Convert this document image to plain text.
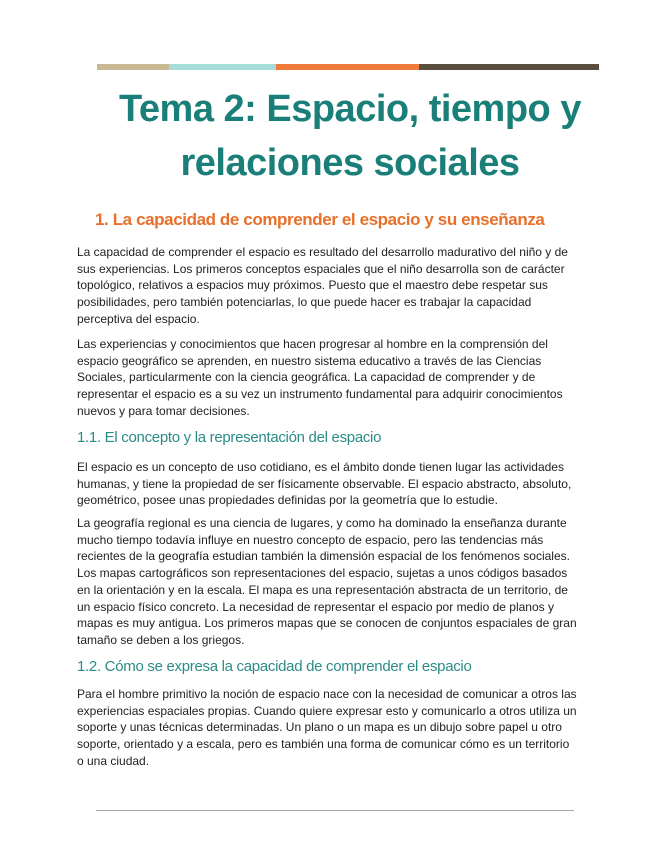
Tema 2: Espacio, tiempo y
relaciones sociales
1. La capacidad de comprender el espacio y su enseñanza

La capacidad de comprender el espacio es resultado del desarrollo madurativo del niño y de sus experiencias. Los primeros conceptos espaciales que el niño desarrolla son de carácter topológico, relativos a espacios muy próximos. Puesto que el maestro debe respetar sus posibilidades, pero también potenciarlas, lo que puede hacer es trabajar la capacidad perceptiva del espacio.

Las experiencias y conocimientos que hacen progresar al hombre en la comprensión del espacio geográfico se aprenden, en nuestro sistema educativo a través de las Ciencias Sociales, particularmente con la ciencia geográfica. La capacidad de comprender y de representar el espacio es a su vez un instrumento fundamental para adquirir conocimientos nuevos y para tomar decisiones.

1.1. El concepto y la representación del espacio

El espacio es un concepto de uso cotidiano, es el ámbito donde tienen lugar las actividades humanas, y tiene la propiedad de ser físicamente observable. El espacio abstracto, absoluto, geométrico, posee unas propiedades definidas por la geometría que lo estudie.

La geografía regional es una ciencia de lugares, y como ha dominado la enseñanza durante mucho tiempo todavía influye en nuestro concepto de espacio, pero las tendencias más recientes de la geografía estudian también la dimensión espacial de los fenómenos sociales. Los mapas cartográficos son representaciones del espacio, sujetas a unos códigos basados en la orientación y en la escala. El mapa es una representación abstracta de un territorio, de un espacio físico concreto. La necesidad de representar el espacio por medio de planos y mapas es muy antigua. Los primeros mapas que se conocen de conjuntos espaciales de gran tamaño se deben a los griegos.

1.2. Cómo se expresa la capacidad de comprender el espacio

Para el hombre primitivo la noción de espacio nace con la necesidad de comunicar a otros las experiencias espaciales propias. Cuando quiere expresar esto y comunicarlo a otros utiliza un soporte y unas técnicas determinadas. Un plano o un mapa es un dibujo sobre papel u otro soporte, orientado y a escala, pero es también una forma de comunicar cómo es un territorio o una ciudad.
